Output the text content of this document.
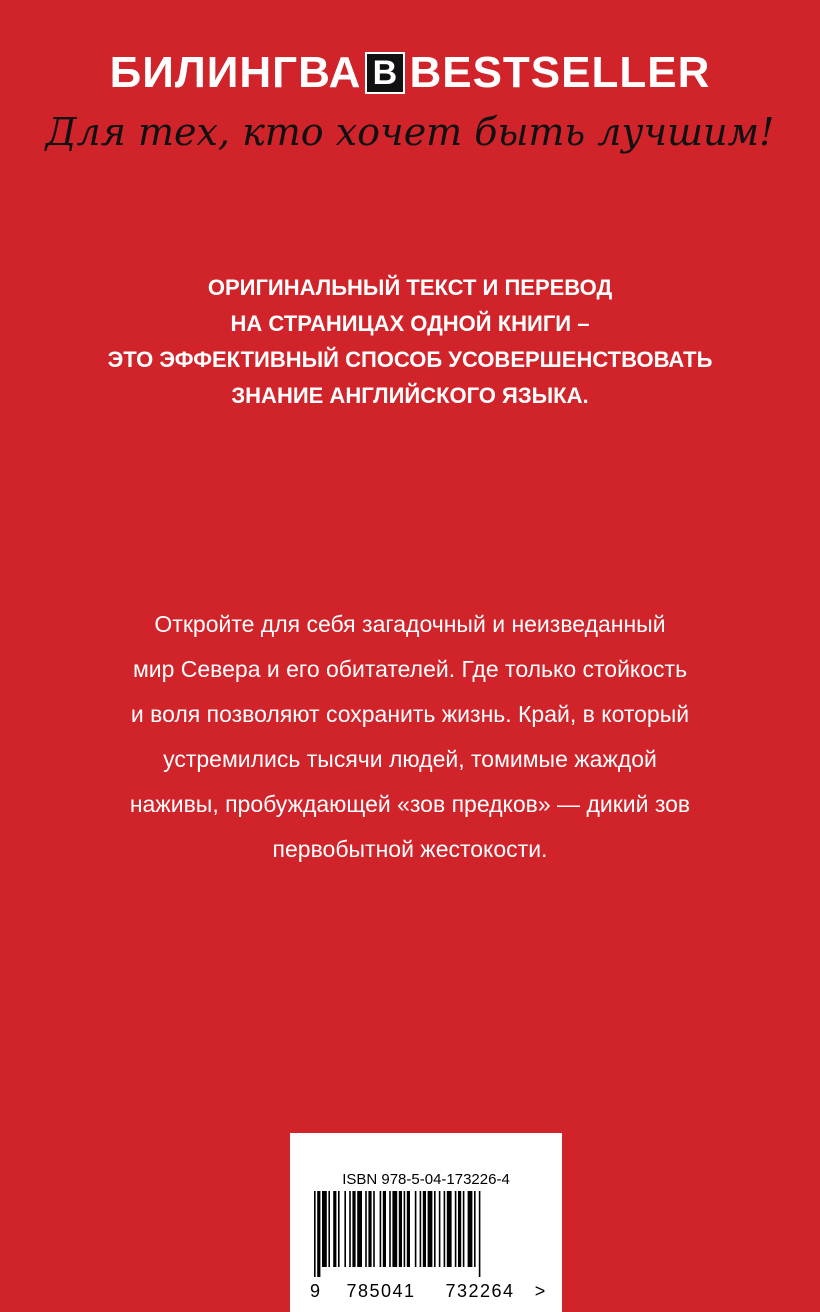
БИЛИНГВА B BESTSELLER
Для тех, кто хочет быть лучшим!
ОРИГИНАЛЬНЫЙ ТЕКСТ И ПЕРЕВОД
НА СТРАНИЦАХ ОДНОЙ КНИГИ –
ЭТО ЭФФЕКТИВНЫЙ СПОСОБ УСОВЕРШЕНСТВОВАТЬ
ЗНАНИЕ АНГЛИЙСКОГО ЯЗЫКА.
Откройте для себя загадочный и неизведанный
мир Севера и его обитателей. Где только стойкость
и воля позволяют сохранить жизнь. Край, в который
устремились тысячи людей, томимые жаждой
наживы, пробуждающей «зов предков» — дикий зов
первобытной жестокости.
ISBN 978-5-04-173226-4
9	785041	732264	>
